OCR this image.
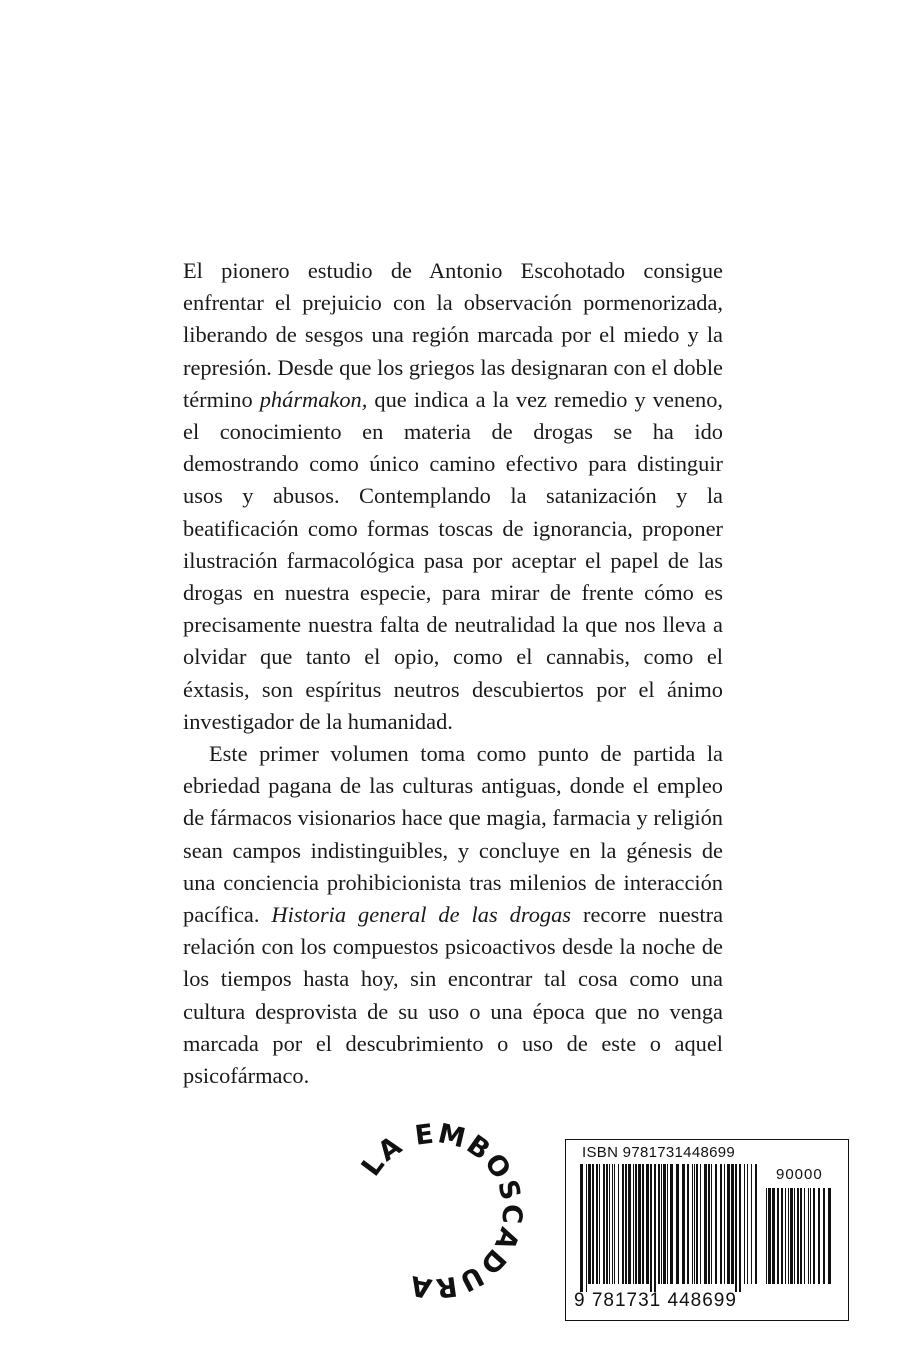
El pionero estudio de Antonio Escohotado consigue enfrentar el prejuicio con la observación pormenorizada, liberando de sesgos una región marcada por el miedo y la represión. Desde que los griegos las designaran con el doble término phármakon, que indica a la vez remedio y veneno, el conocimiento en materia de drogas se ha ido demostrando como único camino efectivo para distinguir usos y abusos. Contemplando la satanización y la beatificación como formas toscas de ignorancia, proponer ilustración farmacológica pasa por aceptar el papel de las drogas en nuestra especie, para mirar de frente cómo es precisamente nuestra falta de neutralidad la que nos lleva a olvidar que tanto el opio, como el cannabis, como el éxtasis, son espíritus neutros descubiertos por el ánimo investigador de la humanidad.

Este primer volumen toma como punto de partida la ebriedad pagana de las culturas antiguas, donde el empleo de fármacos visionarios hace que magia, farmacia y religión sean campos indistinguibles, y concluye en la génesis de una conciencia prohibicionista tras milenios de interacción pacífica. Historia general de las drogas recorre nuestra relación con los compuestos psicoactivos desde la noche de los tiempos hasta hoy, sin encontrar tal cosa como una cultura desprovista de su uso o una época que no venga marcada por el descubrimiento o uso de este o aquel psicofármaco.

LA EMBOSCADURA
ISBN 9781731448699
90000
9 781731 448699
